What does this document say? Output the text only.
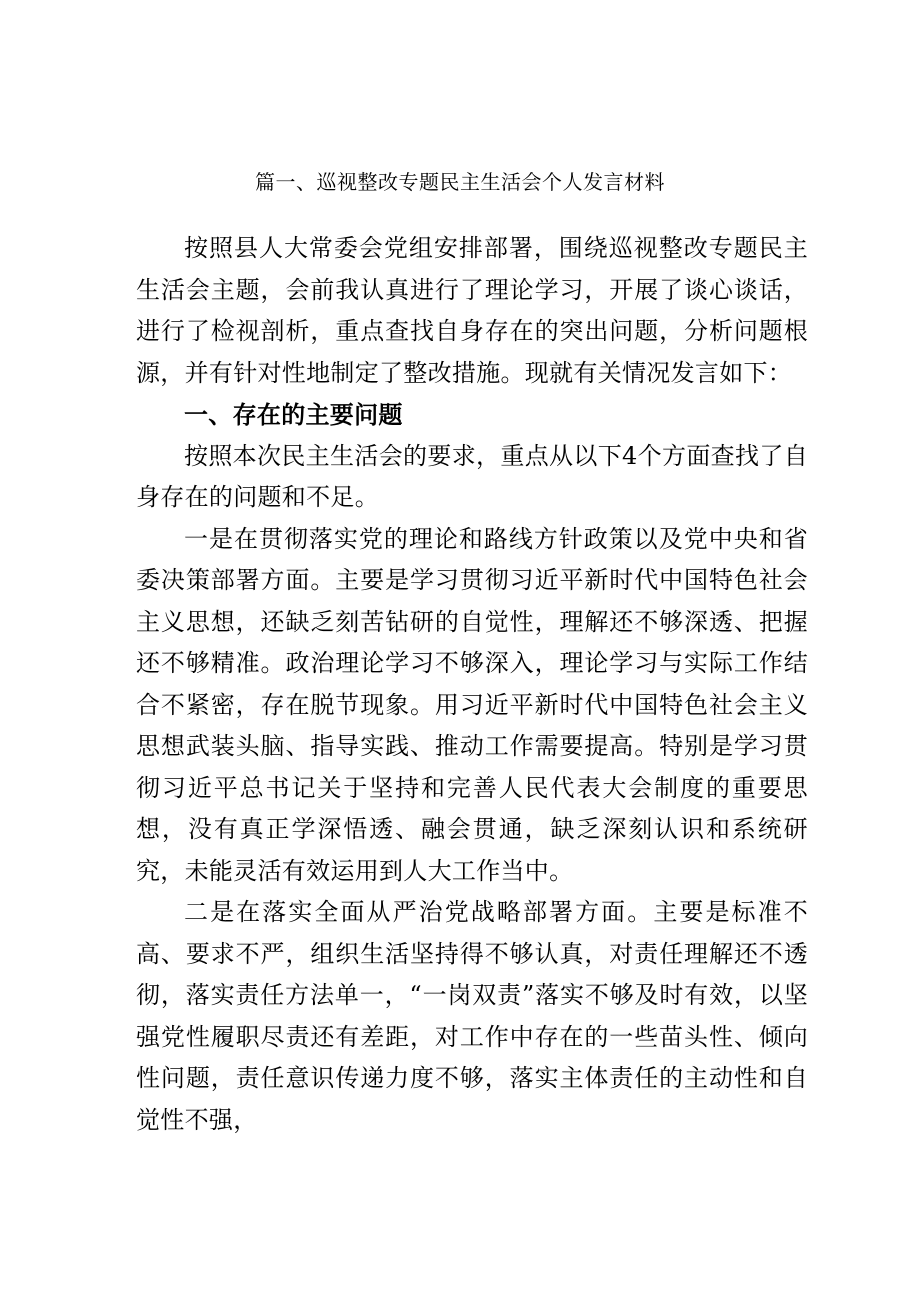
篇一、巡视整改专题民主生活会个人发言材料

按照县人大常委会党组安排部署，围绕巡视整改专题民主生活会主题，会前我认真进行了理论学习，开展了谈心谈话，进行了检视剖析，重点查找自身存在的突出问题，分析问题根源，并有针对性地制定了整改措施。现就有关情况发言如下：

一、存在的主要问题

按照本次民主生活会的要求，重点从以下4个方面查找了自身存在的问题和不足。

一是在贯彻落实党的理论和路线方针政策以及党中央和省委决策部署方面。主要是学习贯彻习近平新时代中国特色社会主义思想，还缺乏刻苦钻研的自觉性，理解还不够深透、把握还不够精准。政治理论学习不够深入，理论学习与实际工作结合不紧密，存在脱节现象。用习近平新时代中国特色社会主义思想武装头脑、指导实践、推动工作需要提高。特别是学习贯彻习近平总书记关于坚持和完善人民代表大会制度的重要思想，没有真正学深悟透、融会贯通，缺乏深刻认识和系统研究，未能灵活有效运用到人大工作当中。

二是在落实全面从严治党战略部署方面。主要是标准不高、要求不严，组织生活坚持得不够认真，对责任理解还不透彻，落实责任方法单一，“一岗双责”落实不够及时有效，以坚强党性履职尽责还有差距，对工作中存在的一些苗头性、倾向性问题，责任意识传递力度不够，落实主体责任的主动性和自觉性不强，
